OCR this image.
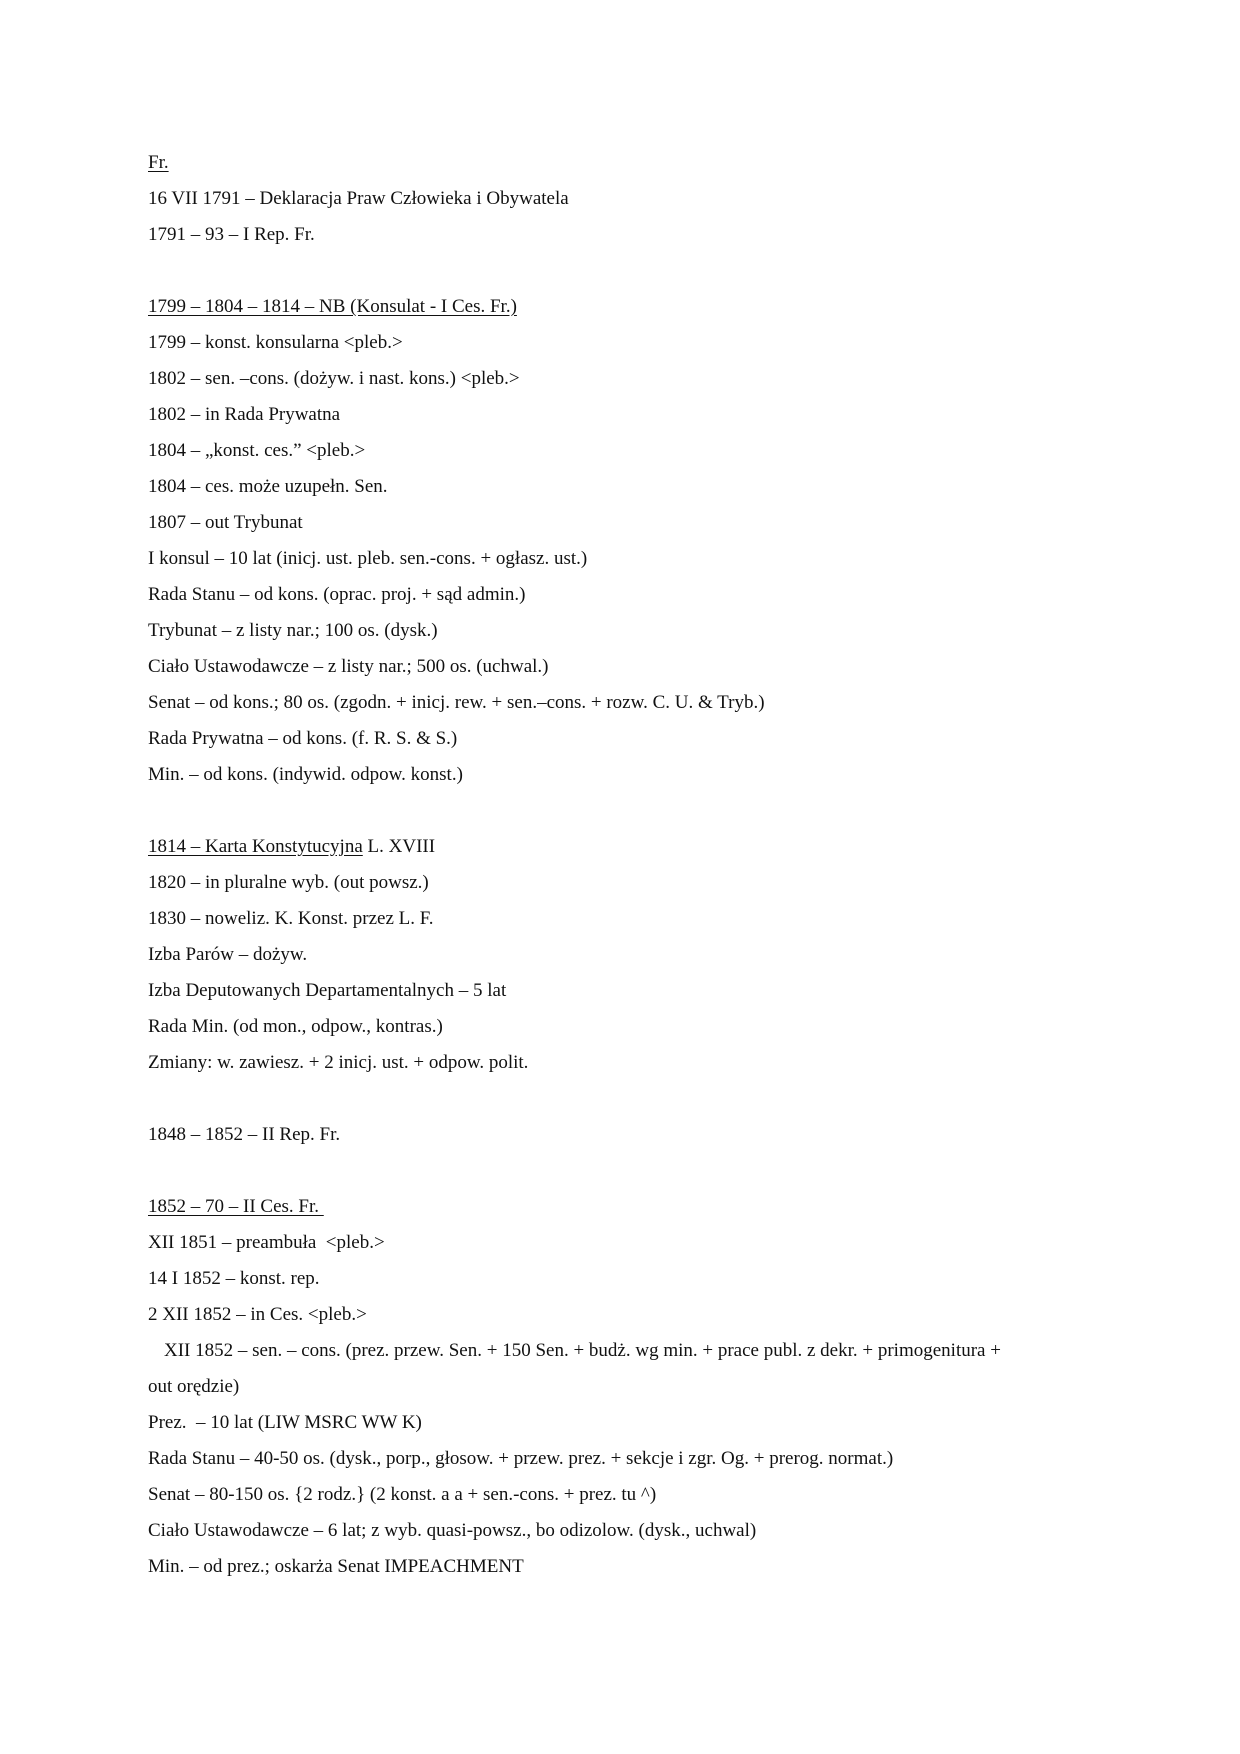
Fr.
16 VII 1791 – Deklaracja Praw Człowieka i Obywatela
1791 – 93 – I Rep. Fr.
1799 – 1804 – 1814 – NB (Konsulat - I Ces. Fr.)
1799 – konst. konsularna <pleb.>
1802 – sen. –cons. (dożyw. i nast. kons.) <pleb.>
1802 – in Rada Prywatna
1804 – „konst. ces.” <pleb.>
1804 – ces. może uzupełn. Sen.
1807 – out Trybunat
I konsul – 10 lat (inicj. ust. pleb. sen.-cons. + ogłasz. ust.)
Rada Stanu – od kons. (oprac. proj. + sąd admin.)
Trybunat – z listy nar.; 100 os. (dysk.)
Ciało Ustawodawcze – z listy nar.; 500 os. (uchwal.)
Senat – od kons.; 80 os. (zgodn. + inicj. rew. + sen.–cons. + rozw. C. U. & Tryb.)
Rada Prywatna – od kons. (f. R. S. & S.)
Min. – od kons. (indywid. odpow. konst.)
1814 – Karta Konstytucyjna L. XVIII
1820 – in pluralne wyb. (out powsz.)
1830 – noweliz. K. Konst. przez L. F.
Izba Parów – dożyw.
Izba Deputowanych Departamentalnych – 5 lat
Rada Min. (od mon., odpow., kontras.)
Zmiany: w. zawiesz. + 2 inicj. ust. + odpow. polit.
1848 – 1852 – II Rep. Fr.
1852 – 70 – II Ces. Fr.
XII 1851 – preambuła  <pleb.>
14 I 1852 – konst. rep.
2 XII 1852 – in Ces. <pleb.>
XII 1852 – sen. – cons. (prez. przew. Sen. + 150 Sen. + budż. wg min. + prace publ. z dekr. + primogenitura +
out orędzie)
Prez.  – 10 lat (LIW MSRC WW K)
Rada Stanu – 40-50 os. (dysk., porp., głosow. + przew. prez. + sekcje i zgr. Og. + prerog. normat.)
Senat – 80-150 os. {2 rodz.} (2 konst. a a + sen.-cons. + prez. tu ^)
Ciało Ustawodawcze – 6 lat; z wyb. quasi-powsz., bo odizolow. (dysk., uchwal)
Min. – od prez.; oskarża Senat IMPEACHMENT
